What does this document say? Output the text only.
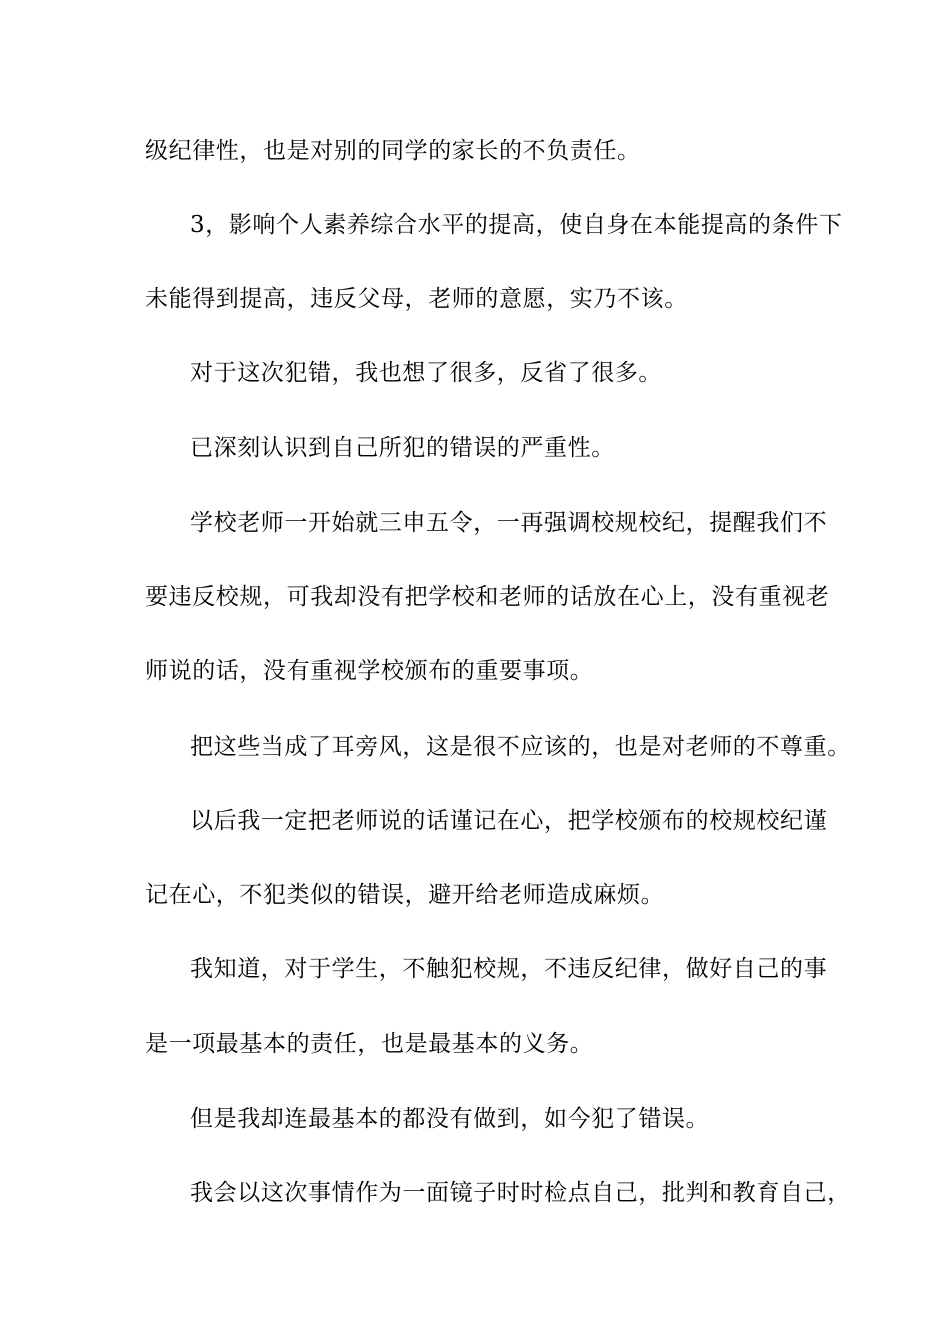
级纪律性，也是对别的同学的家长的不负责任。
3，影响个人素养综合水平的提高，使自身在本能提高的条件下
未能得到提高，违反父母，老师的意愿，实乃不该。
对于这次犯错，我也想了很多，反省了很多。
已深刻认识到自己所犯的错误的严重性。
学校老师一开始就三申五令，一再强调校规校纪，提醒我们不
要违反校规，可我却没有把学校和老师的话放在心上，没有重视老
师说的话，没有重视学校颁布的重要事项。
把这些当成了耳旁风，这是很不应该的，也是对老师的不尊重。
以后我一定把老师说的话谨记在心，把学校颁布的校规校纪谨
记在心，不犯类似的错误，避开给老师造成麻烦。
我知道，对于学生，不触犯校规，不违反纪律，做好自己的事
是一项最基本的责任，也是最基本的义务。
但是我却连最基本的都没有做到，如今犯了错误。
我会以这次事情作为一面镜子时时检点自己，批判和教育自己，
